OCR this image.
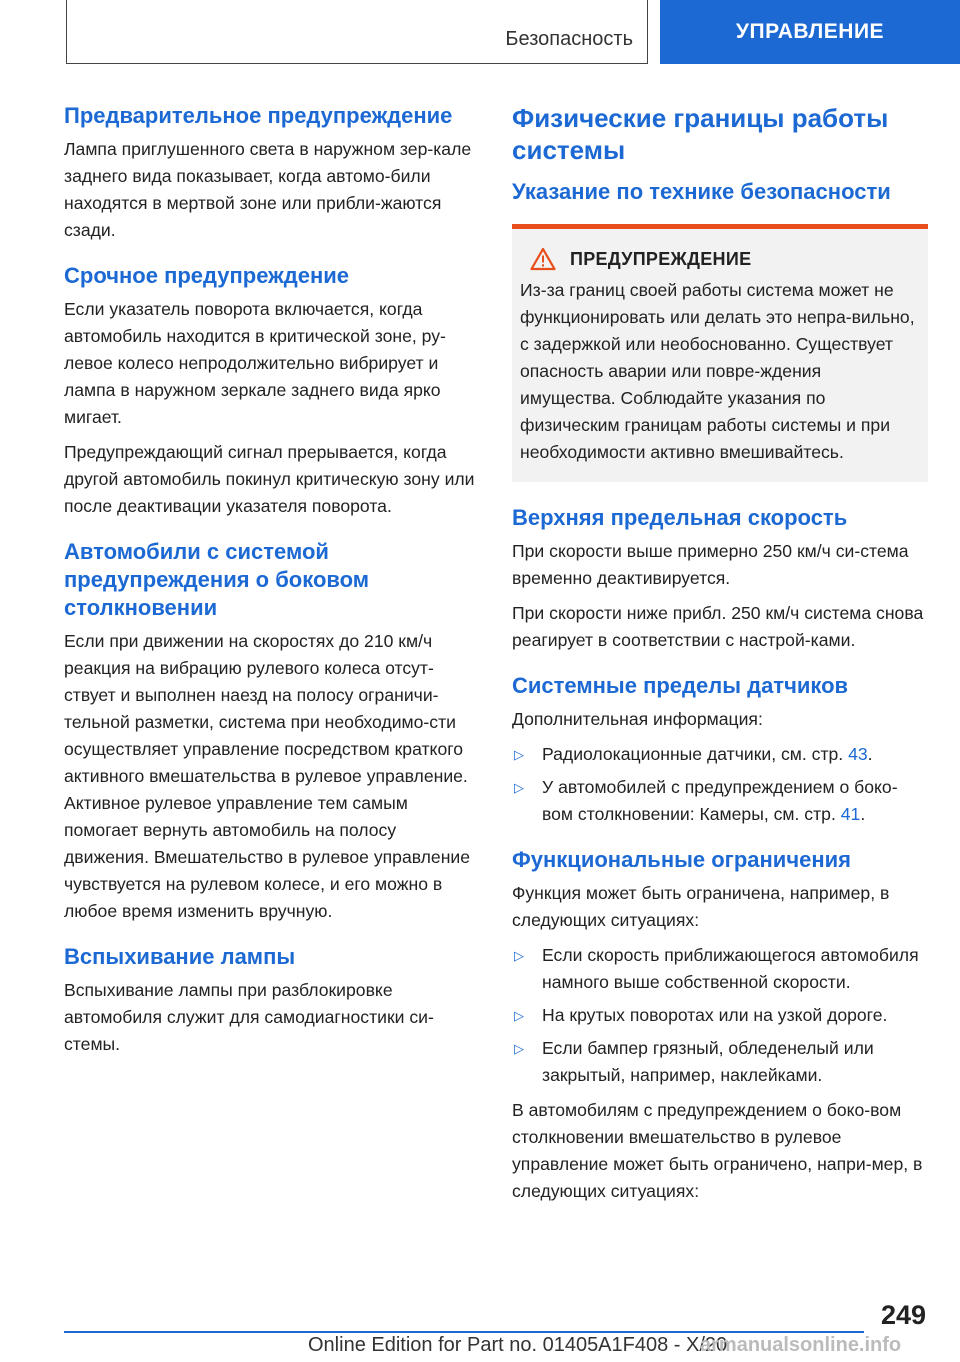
Безопасность	УПРАВЛЕНИЕ
Предварительное предупреждение

Лампа приглушенного света в наружном зер-кале заднего вида показывает, когда автомо-били находятся в мертвой зоне или прибли-жаются сзади.

Срочное предупреждение

Если указатель поворота включается, когда автомобиль находится в критической зоне, ру-левое колесо непродолжительно вибрирует и лампа в наружном зеркале заднего вида ярко мигает.

Предупреждающий сигнал прерывается, когда другой автомобиль покинул критическую зону или после деактивации указателя поворота.

Автомобили с системой предупреждения о боковом столкновении

Если при движении на скоростях до 210 км/ч реакция на вибрацию рулевого колеса отсут-ствует и выполнен наезд на полосу ограничи-тельной разметки, система при необходимо-сти осуществляет управление посредством краткого активного вмешательства в рулевое управление. Активное рулевое управление тем самым помогает вернуть автомобиль на полосу движения. Вмешательство в рулевое управление чувствуется на рулевом колесе, и его можно в любое время изменить вручную.

Вспыхивание лампы

Вспыхивание лампы при разблокировке автомобиля служит для самодиагностики си-стемы.

Физические границы работы системы
Указание по технике безопасности
ПРЕДУПРЕЖДЕНИЕ

Из-за границ своей работы система может не функционировать или делать это непра-вильно, с задержкой или необоснованно. Существует опасность аварии или повре-ждения имущества. Соблюдайте указания по физическим границам работы системы и при необходимости активно вмешивайтесь.

Верхняя предельная скорость

При скорости выше примерно 250 км/ч си-стема временно деактивируется.

При скорости ниже прибл. 250 км/ч система снова реагирует в соответствии с настрой-ками.

Системные пределы датчиков

Дополнительная информация:

▷ Радиолокационные датчики, см. стр. 43.
▷ У автомобилей с предупреждением о боко-вом столкновении: Камеры, см. стр. 41.
Функциональные ограничения

Функция может быть ограничена, например, в следующих ситуациях:

▷ Если скорость приближающегося автомобиля намного выше собственной скорости.
▷ На крутых поворотах или на узкой дороге.
▷ Если бампер грязный, обледенелый или закрытый, например, наклейками.

В автомобилям с предупреждением о боко-вом столкновении вмешательство в рулевое управление может быть ограничено, напри-мер, в следующих ситуациях:

249
Online Edition for Part no. 01405A1F408 - X/20
armanualsonline.info
